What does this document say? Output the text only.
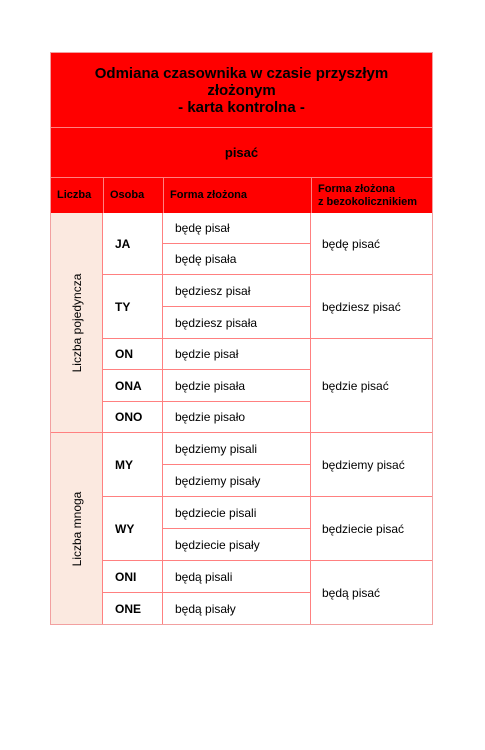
Odmiana czasownika w czasie przyszłym
złożonym
- karta kontrolna -
pisać
Liczba	Osoba	Forma złożona
Forma złożona
z bezokolicznikiem
Liczba pojedyncza
Liczba mnoga
JA
TY
ON
ONA
ONO
MY
WY
ONI
ONE
będę pisał
będę pisała
będziesz pisał
będziesz pisała
będzie pisał
będzie pisała
będzie pisało
będziemy pisali
będziemy pisały
będziecie pisali
będziecie pisały
będą pisali
będą pisały
będę pisać
będziesz pisać
będzie pisać
będziemy pisać
będziecie pisać
będą pisać
